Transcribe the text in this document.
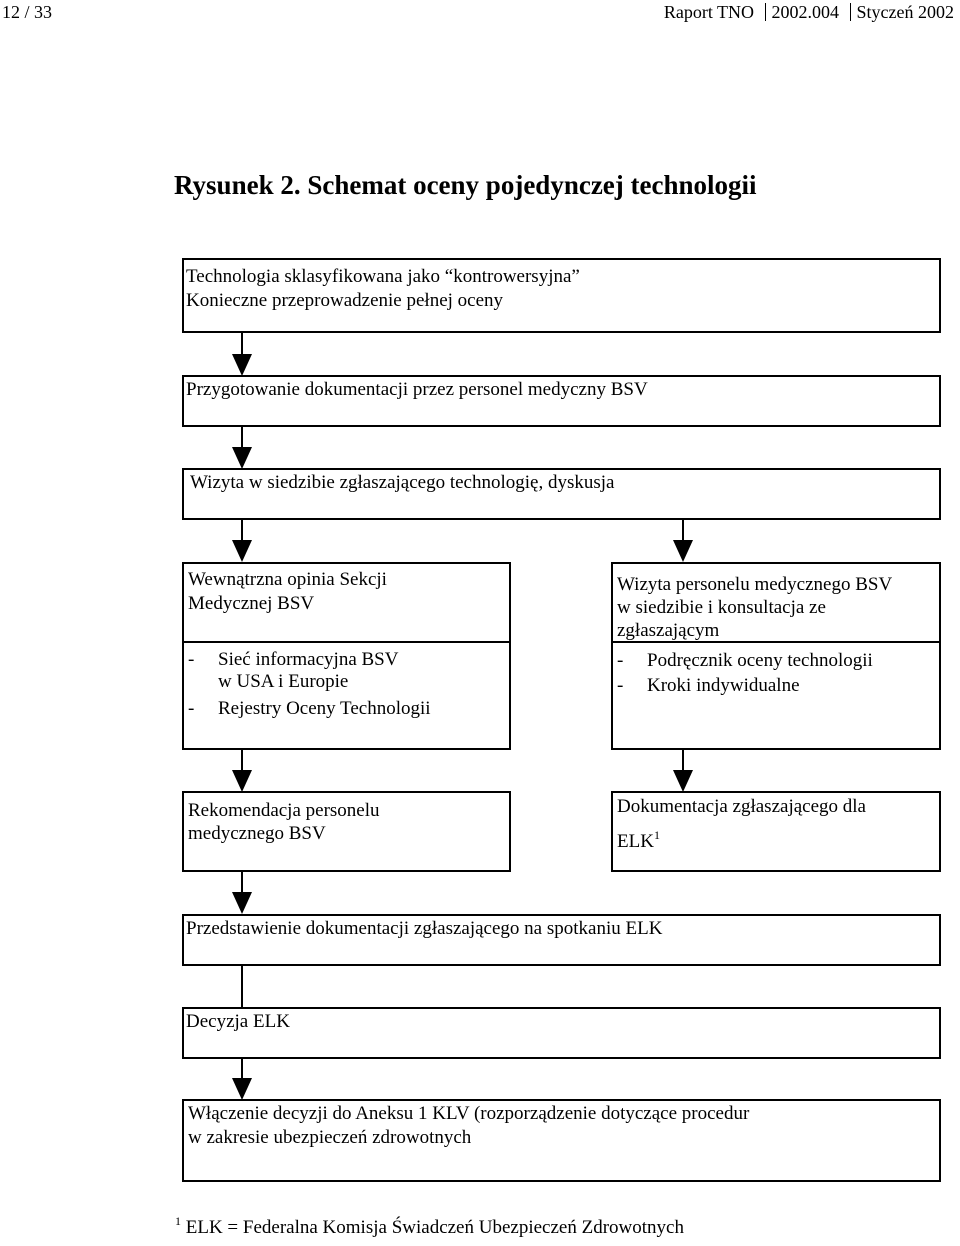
12 / 33	Raport TNO 2002.004 Styczeń 2002
Rysunek 2. Schemat oceny pojedynczej technologii
Technologia sklasyfikowana jako “kontrowersyjna”
Konieczne przeprowadzenie pełnej oceny
Przygotowanie dokumentacji przez personel medyczny BSV
Wizyta w siedzibie zgłaszającego technologię, dyskusja
Wewnątrzna opinia Sekcji
Medycznej BSV
- Sieć informacyjna BSV
w USA i Europie
- Rejestry Oceny Technologii
Wizyta personelu medycznego BSV
w siedzibie i konsultacja ze
zgłaszającym
- Podręcznik oceny technologii
- Kroki indywidualne
Rekomendacja personelu
medycznego BSV
Dokumentacja zgłaszającego dla
ELK$^1$
Przedstawienie dokumentacji zgłaszającego na spotkaniu ELK
Decyzja ELK
Włączenie decyzji do Aneksu 1 KLV (rozporządzenie dotyczące procedur
w zakresie ubezpieczeń zdrowotnych
$^1$ ELK = Federalna Komisja Świadczeń Ubezpieczeń Zdrowotnych
